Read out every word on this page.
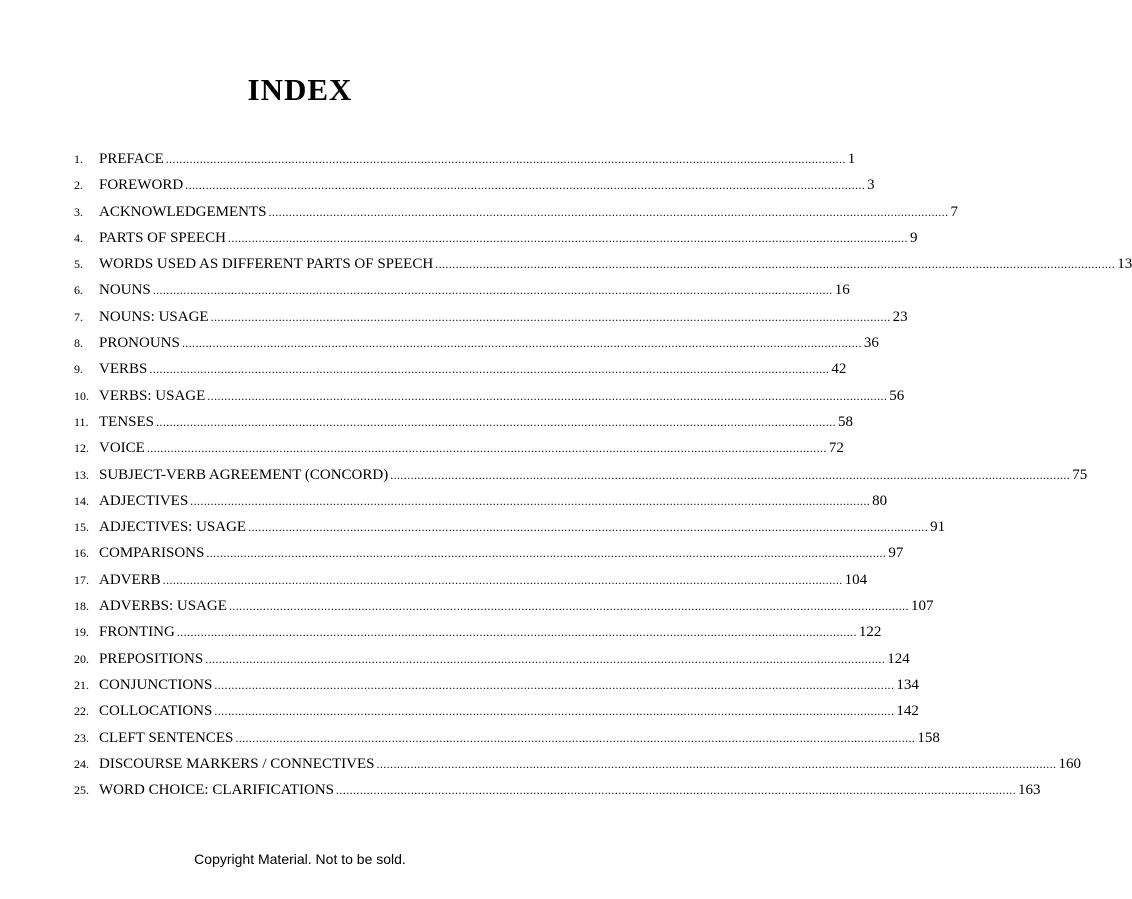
INDEX
1.	PREFACE ........................................................................................................................................................................................................ 1
2.	FOREWORD ........................................................................................................................................................................................................ 3
3.	ACKNOWLEDGEMENTS ........................................................................................................................................................................................................ 7
4.	PARTS OF SPEECH ........................................................................................................................................................................................................ 9
5.	WORDS USED AS DIFFERENT PARTS OF SPEECH ........................................................................................................................................................................................................ 13
6.	NOUNS ........................................................................................................................................................................................................ 16
7.	NOUNS: USAGE ........................................................................................................................................................................................................ 23
8.	PRONOUNS ........................................................................................................................................................................................................ 36
9.	VERBS ........................................................................................................................................................................................................ 42
10. VERBS: USAGE ........................................................................................................................................................................................................ 56
11. TENSES ........................................................................................................................................................................................................ 58
12. VOICE ........................................................................................................................................................................................................ 72
13. SUBJECT-VERB AGREEMENT (CONCORD) ........................................................................................................................................................................................................ 75
14. ADJECTIVES ........................................................................................................................................................................................................ 80
15. ADJECTIVES: USAGE ........................................................................................................................................................................................................ 91
16. COMPARISONS ........................................................................................................................................................................................................ 97
17. ADVERB ........................................................................................................................................................................................................ 104
18. ADVERBS: USAGE ........................................................................................................................................................................................................ 107
19. FRONTING ........................................................................................................................................................................................................ 122
20. PREPOSITIONS ........................................................................................................................................................................................................ 124
21. CONJUNCTIONS ........................................................................................................................................................................................................ 134
22. COLLOCATIONS ........................................................................................................................................................................................................ 142
23. CLEFT SENTENCES ........................................................................................................................................................................................................ 158
24. DISCOURSE MARKERS / CONNECTIVES ........................................................................................................................................................................................................ 160
25. WORD CHOICE: CLARIFICATIONS ........................................................................................................................................................................................................ 163

Copyright Material. Not to be sold.
